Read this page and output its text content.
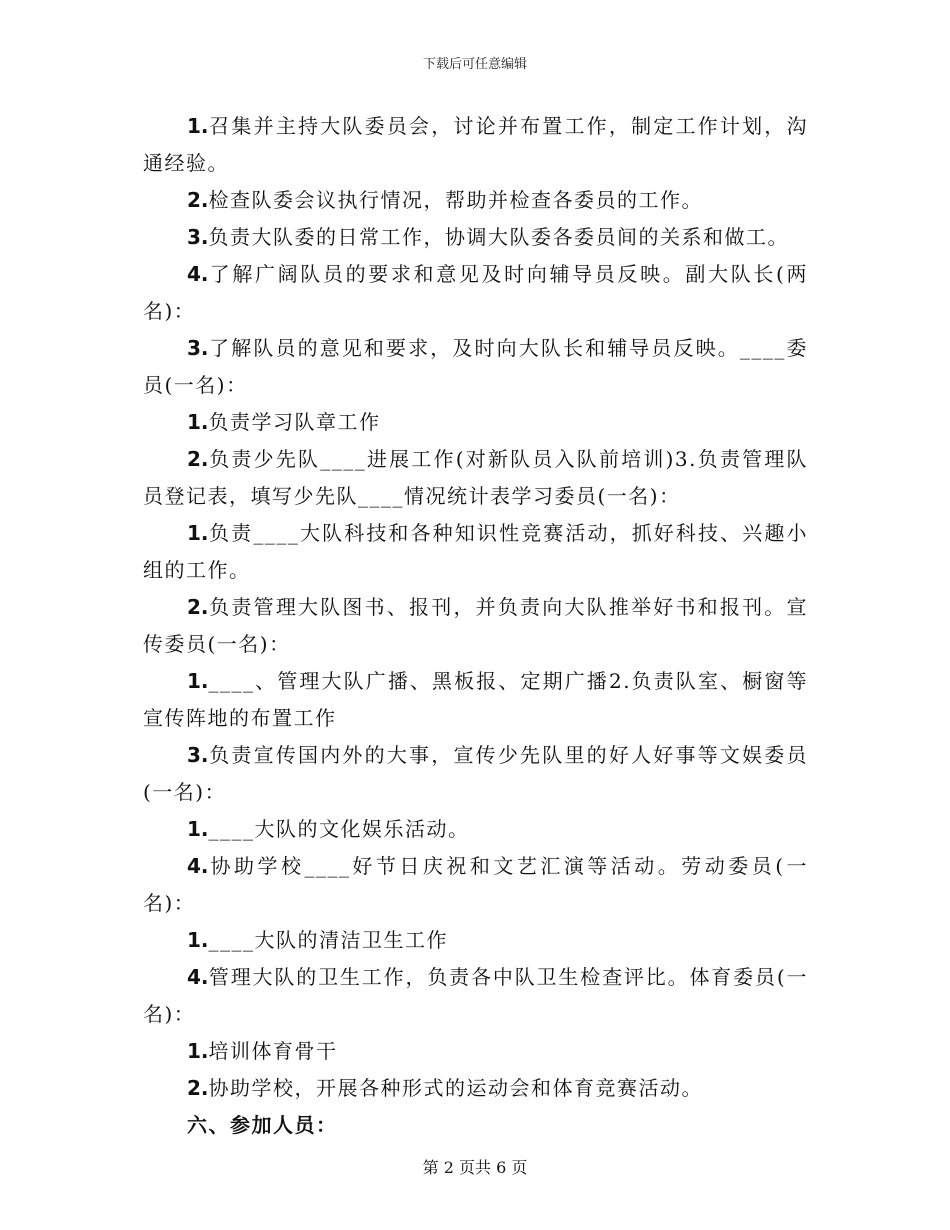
下载后可任意编辑

1.召集并主持大队委员会，讨论并布置工作，制定工作计划，沟通经验。

2.检查队委会议执行情况，帮助并检查各委员的工作。

3.负责大队委的日常工作，协调大队委各委员间的关系和做工。

4.了解广阔队员的要求和意见及时向辅导员反映。副大队长(两名)：

3.了解队员的意见和要求，及时向大队长和辅导员反映。____委员(一名)：

1.负责学习队章工作

2.负责少先队____进展工作(对新队员入队前培训)3.负责管理队员登记表，填写少先队____情况统计表学习委员(一名)：

1.负责____大队科技和各种知识性竞赛活动，抓好科技、兴趣小组的工作。

2.负责管理大队图书、报刊，并负责向大队推举好书和报刊。宣传委员(一名)：

1.____、管理大队广播、黑板报、定期广播2.负责队室、橱窗等宣传阵地的布置工作

3.负责宣传国内外的大事，宣传少先队里的好人好事等文娱委员(一名)：

1.____大队的文化娱乐活动。

4.协助学校____好节日庆祝和文艺汇演等活动。劳动委员(一名)：

1.____大队的清洁卫生工作

4.管理大队的卫生工作，负责各中队卫生检查评比。体育委员(一名)：

1.培训体育骨干

2.协助学校，开展各种形式的运动会和体育竞赛活动。

六、参加人员：

第 2 页共 6 页
